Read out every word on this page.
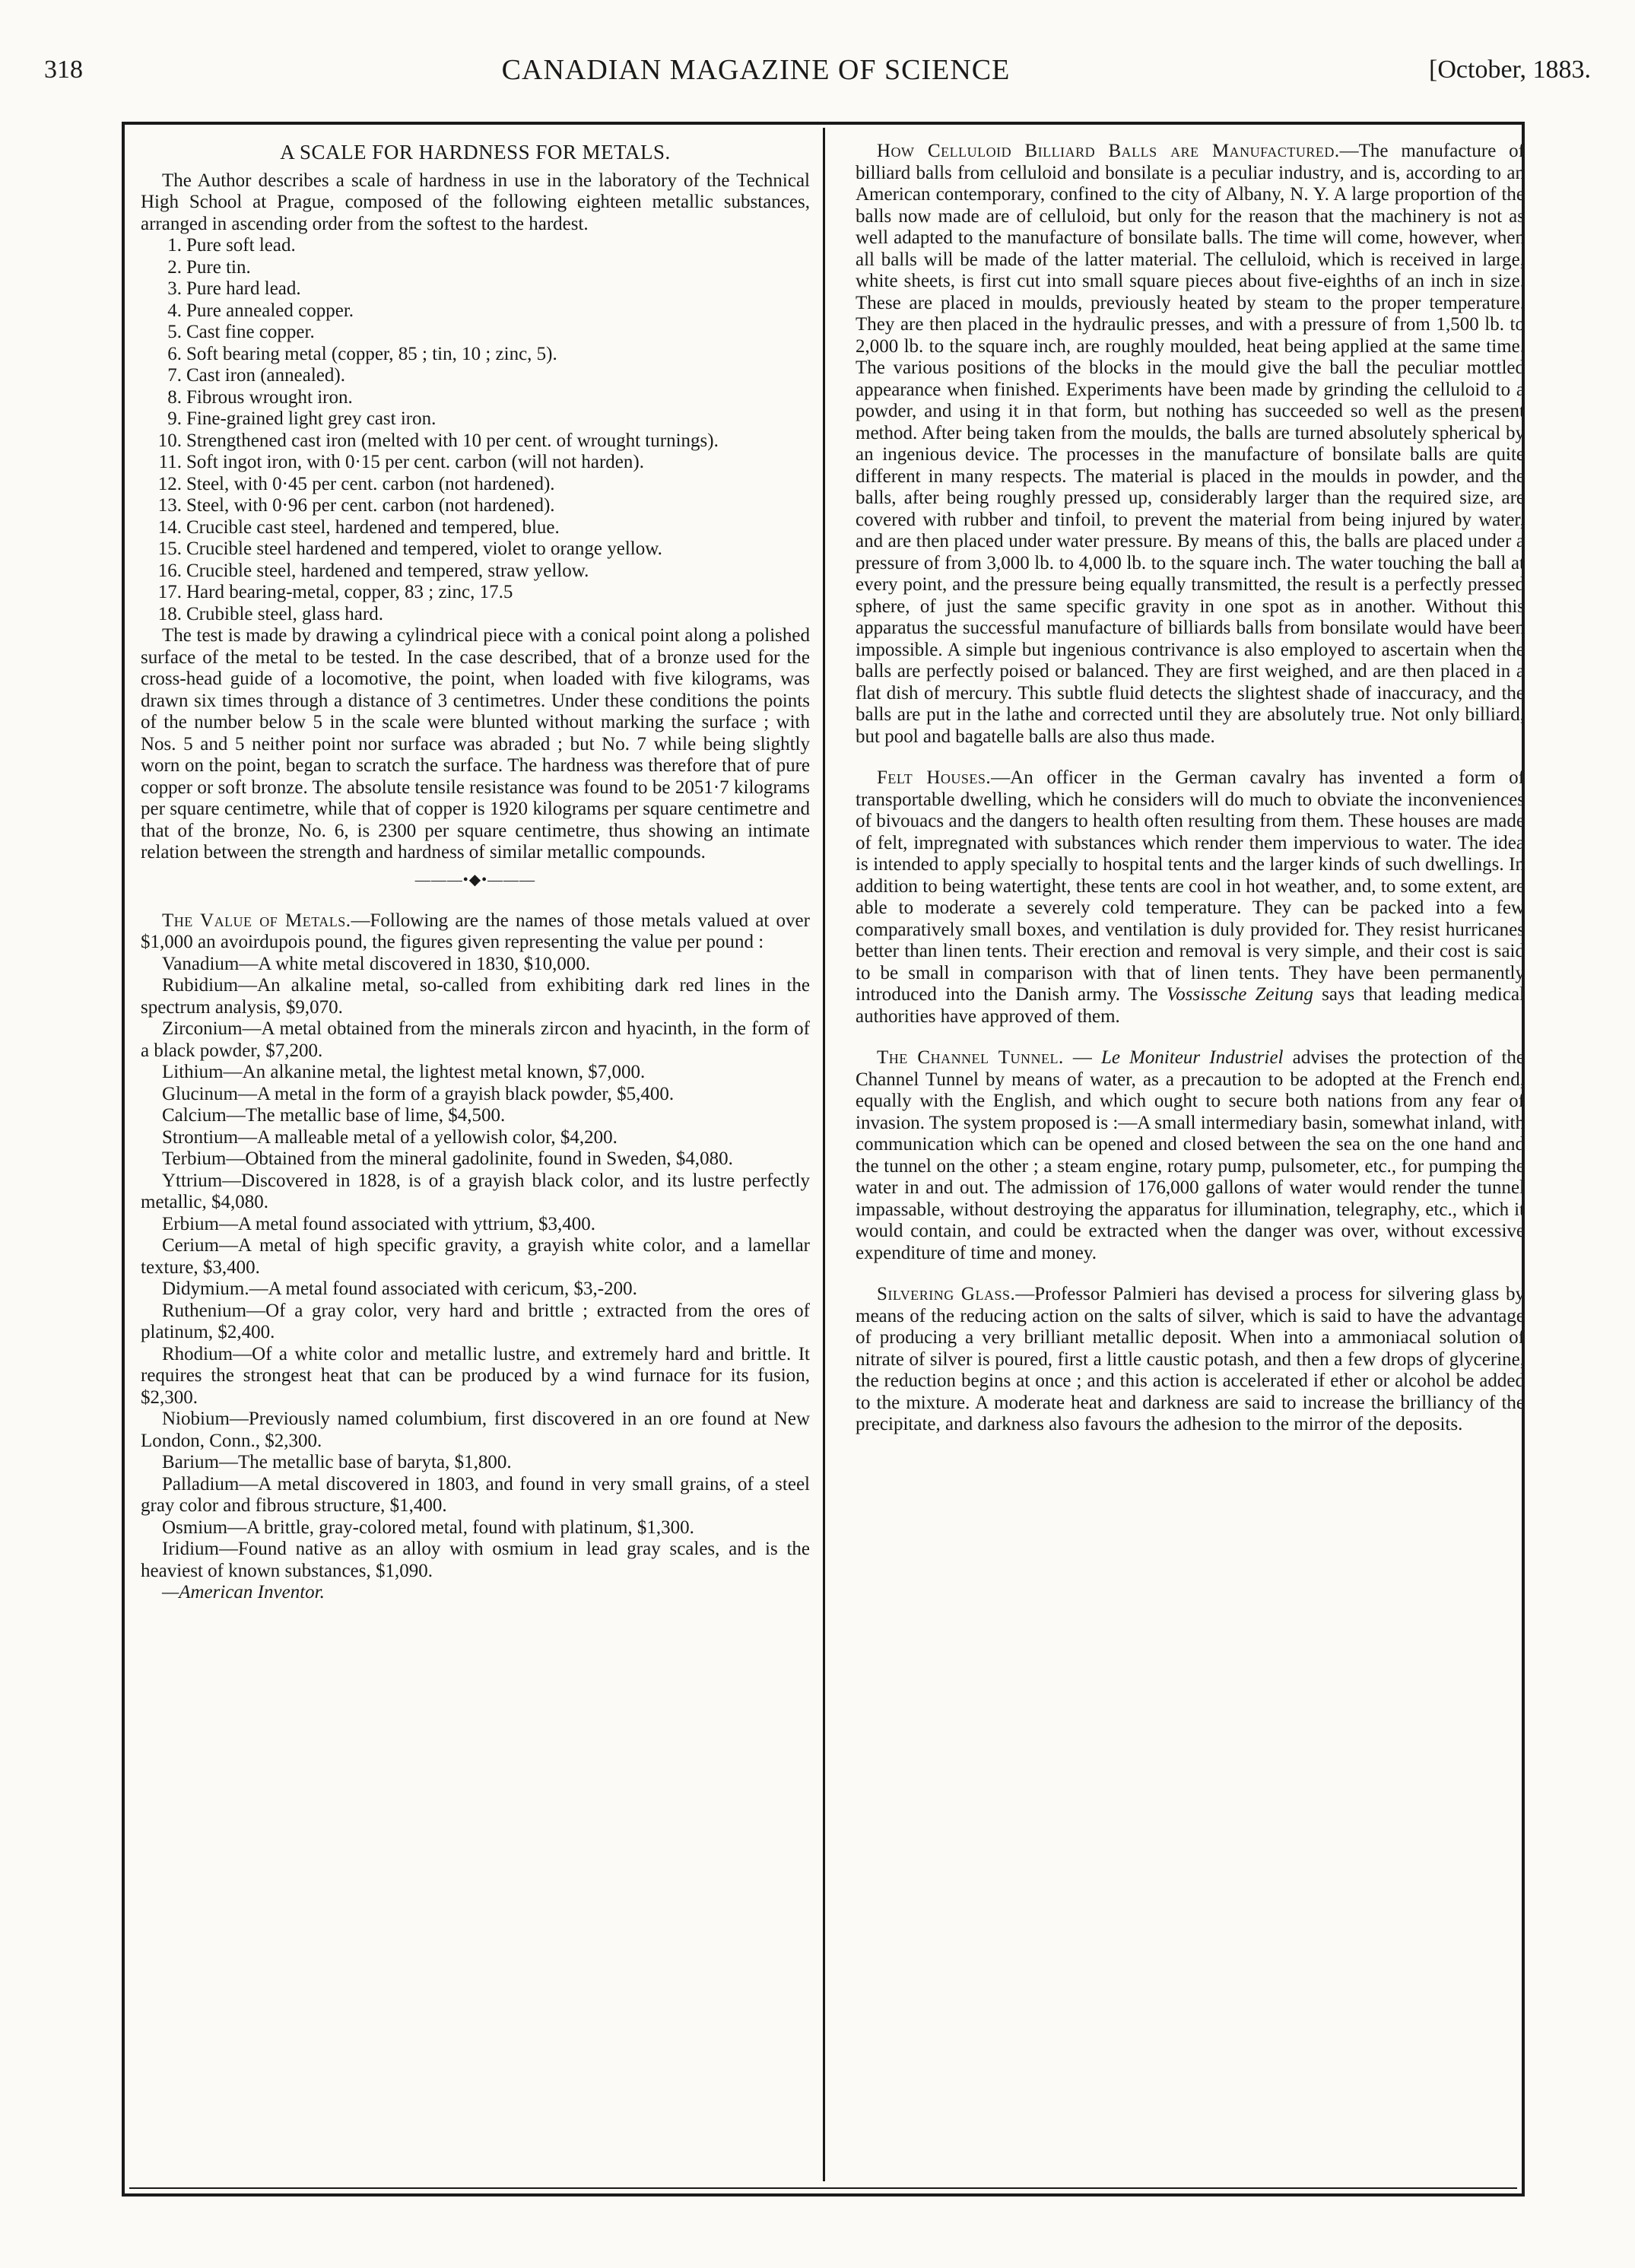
318	CANADIAN MAGAZINE OF SCIENCE	[October, 1883.
A SCALE FOR HARDNESS FOR METALS.

The Author describes a scale of hardness in use in the laboratory of the Technical High School at Prague, composed of the following eighteen metallic substances, arranged in ascending order from the softest to the hardest.

1. Pure soft lead.
2. Pure tin.
3. Pure hard lead.
4. Pure annealed copper.
5. Cast fine copper.
6. Soft bearing metal (copper, 85 ; tin, 10 ; zinc, 5).
7. Cast iron (annealed).
8. Fibrous wrought iron.
9. Fine-grained light grey cast iron.
10. Strengthened cast iron (melted with 10 per cent. of wrought turnings).
11. Soft ingot iron, with 0·15 per cent. carbon (will not harden).
12. Steel, with 0·45 per cent. carbon (not hardened).
13. Steel, with 0·96 per cent. carbon (not hardened).
14. Crucible cast steel, hardened and tempered, blue.
15. Crucible steel hardened and tempered, violet to orange yellow.
16. Crucible steel, hardened and tempered, straw yellow.
17. Hard bearing-metal, copper, 83 ; zinc, 17.5
18. Crubible steel, glass hard.

The test is made by drawing a cylindrical piece with a conical point along a polished surface of the metal to be tested. In the case described, that of a bronze used for the cross-head guide of a locomotive, the point, when loaded with five kilograms, was drawn six times through a distance of 3 centimetres. Under these conditions the points of the number below 5 in the scale were blunted without marking the surface ; with Nos. 5 and 5 neither point nor surface was abraded ; but No. 7 while being slightly worn on the point, began to scratch the surface. The hardness was therefore that of pure copper or soft bronze. The absolute tensile resistance was found to be 2051·7 kilograms per square centimetre, while that of copper is 1920 kilograms per square centimetre and that of the bronze, No. 6, is 2300 per square centimetre, thus showing an intimate relation between the strength and hardness of similar metallic compounds.

———•◆•———

The Value of Metals.—Following are the names of those metals valued at over $1,000 an avoirdupois pound, the figures given representing the value per pound :

Vanadium—A white metal discovered in 1830, $10,000.

Rubidium—An alkaline metal, so-called from exhibiting dark red lines in the spectrum analysis, $9,070.

Zirconium—A metal obtained from the minerals zircon and hyacinth, in the form of a black powder, $7,200.

Lithium—An alkanine metal, the lightest metal known, $7,000.

Glucinum—A metal in the form of a grayish black powder, $5,400.

Calcium—The metallic base of lime, $4,500.

Strontium—A malleable metal of a yellowish color, $4,200.

Terbium—Obtained from the mineral gadolinite, found in Sweden, $4,080.

Yttrium—Discovered in 1828, is of a grayish black color, and its lustre perfectly metallic, $4,080.

Erbium—A metal found associated with yttrium, $3,400.

Cerium—A metal of high specific gravity, a grayish white color, and a lamellar texture, $3,400.

Didymium.—A metal found associated with cericum, $3,-200.

Ruthenium—Of a gray color, very hard and brittle ; extracted from the ores of platinum, $2,400.

Rhodium—Of a white color and metallic lustre, and extremely hard and brittle. It requires the strongest heat that can be produced by a wind furnace for its fusion, $2,300.

Niobium—Previously named columbium, first discovered in an ore found at New London, Conn., $2,300.

Barium—The metallic base of baryta, $1,800.

Palladium—A metal discovered in 1803, and found in very small grains, of a steel gray color and fibrous structure, $1,400.

Osmium—A brittle, gray-colored metal, found with platinum, $1,300.

Iridium—Found native as an alloy with osmium in lead gray scales, and is the heaviest of known substances, $1,090.

—American Inventor.

How Celluloid Billiard Balls are Manufactured.—The manufacture of billiard balls from celluloid and bonsilate is a peculiar industry, and is, according to an American contemporary, confined to the city of Albany, N. Y. A large proportion of the balls now made are of celluloid, but only for the reason that the machinery is not as well adapted to the manufacture of bonsilate balls. The time will come, however, when all balls will be made of the latter material. The celluloid, which is received in large, white sheets, is first cut into small square pieces about five-eighths of an inch in size. These are placed in moulds, previously heated by steam to the proper temperature. They are then placed in the hydraulic presses, and with a pressure of from 1,500 lb. to 2,000 lb. to the square inch, are roughly moulded, heat being applied at the same time. The various positions of the blocks in the mould give the ball the peculiar mottled appearance when finished. Experiments have been made by grinding the celluloid to a powder, and using it in that form, but nothing has succeeded so well as the present method. After being taken from the moulds, the balls are turned absolutely spherical by an ingenious device. The processes in the manufacture of bonsilate balls are quite different in many respects. The material is placed in the moulds in powder, and the balls, after being roughly pressed up, considerably larger than the required size, are covered with rubber and tinfoil, to prevent the material from being injured by water, and are then placed under water pressure. By means of this, the balls are placed under a pressure of from 3,000 lb. to 4,000 lb. to the square inch. The water touching the ball at every point, and the pressure being equally transmitted, the result is a perfectly pressed sphere, of just the same specific gravity in one spot as in another. Without this apparatus the successful manufacture of billiards balls from bonsilate would have been impossible. A simple but ingenious contrivance is also employed to ascertain when the balls are perfectly poised or balanced. They are first weighed, and are then placed in a flat dish of mercury. This subtle fluid detects the slightest shade of inaccuracy, and the balls are put in the lathe and corrected until they are absolutely true. Not only billiard, but pool and bagatelle balls are also thus made.

Felt Houses.—An officer in the German cavalry has invented a form of transportable dwelling, which he considers will do much to obviate the inconveniences of bivouacs and the dangers to health often resulting from them. These houses are made of felt, impregnated with substances which render them impervious to water. The idea is intended to apply specially to hospital tents and the larger kinds of such dwellings. In addition to being watertight, these tents are cool in hot weather, and, to some extent, are able to moderate a severely cold temperature. They can be packed into a few comparatively small boxes, and ventilation is duly provided for. They resist hurricanes better than linen tents. Their erection and removal is very simple, and their cost is said to be small in comparison with that of linen tents. They have been permanently introduced into the Danish army. The Vossissche Zeitung says that leading medical authorities have approved of them.

The Channel Tunnel. — Le Moniteur Industriel advises the protection of the Channel Tunnel by means of water, as a precaution to be adopted at the French end, equally with the English, and which ought to secure both nations from any fear of invasion. The system proposed is :—A small intermediary basin, somewhat inland, with communication which can be opened and closed between the sea on the one hand and the tunnel on the other ; a steam engine, rotary pump, pulsometer, etc., for pumping the water in and out. The admission of 176,000 gallons of water would render the tunnel impassable, without destroying the apparatus for illumination, telegraphy, etc., which it would contain, and could be extracted when the danger was over, without excessive expenditure of time and money.

Silvering Glass.—Professor Palmieri has devised a process for silvering glass by means of the reducing action on the salts of silver, which is said to have the advantage of producing a very brilliant metallic deposit. When into a ammoniacal solution of nitrate of silver is poured, first a little caustic potash, and then a few drops of glycerine, the reduction begins at once ; and this action is accelerated if ether or alcohol be added to the mixture. A moderate heat and darkness are said to increase the brilliancy of the precipitate, and darkness also favours the adhesion to the mirror of the deposits.
